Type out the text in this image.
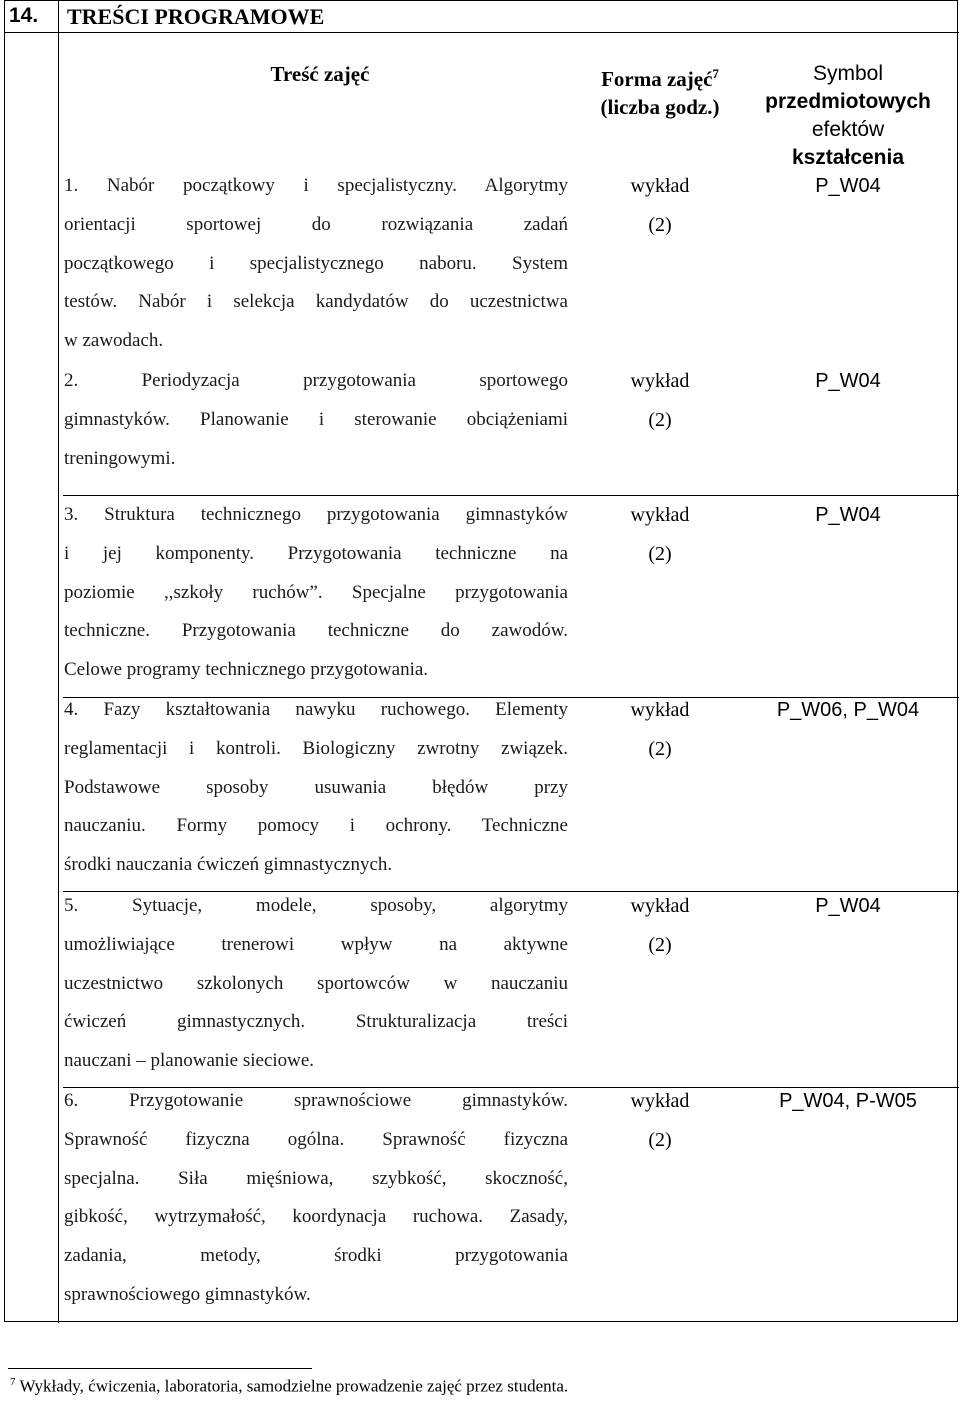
14. TREŚCI PROGRAMOWE
Treść zajęć	Forma zajęć$^7$
(liczba godz.)
Symbol
przedmiotowych
efektów
kształcenia
1. Nabór początkowy i specjalistyczny. Algorytmy
orientacji sportowej do rozwiązania zadań
początkowego i specjalistycznego naboru. System
testów. Nabór i selekcja kandydatów do uczestnictwa
w zawodach.
wykład
(2)
P_W04
2. Periodyzacja przygotowania sportowego
gimnastyków. Planowanie i sterowanie obciążeniami
treningowymi.
wykład
(2)
P_W04
3. Struktura technicznego przygotowania gimnastyków
i jej komponenty. Przygotowania techniczne na
poziomie ,,szkoły ruchów”. Specjalne przygotowania
techniczne. Przygotowania techniczne do zawodów.
Celowe programy technicznego przygotowania.
wykład
(2)
P_W04
4. Fazy kształtowania nawyku ruchowego. Elementy
reglamentacji i kontroli. Biologiczny zwrotny związek.
Podstawowe sposoby usuwania błędów przy
nauczaniu. Formy pomocy i ochrony. Techniczne
środki nauczania ćwiczeń gimnastycznych.
wykład
(2)
P_W06, P_W04
5. Sytuacje, modele, sposoby, algorytmy
umożliwiające trenerowi wpływ na aktywne
uczestnictwo szkolonych sportowców w nauczaniu
ćwiczeń gimnastycznych. Strukturalizacja treści
nauczani – planowanie sieciowe.
wykład
(2)
P_W04
6. Przygotowanie sprawnościowe gimnastyków.
Sprawność fizyczna ogólna. Sprawność fizyczna
specjalna. Siła mięśniowa, szybkość, skoczność,
gibkość, wytrzymałość, koordynacja ruchowa. Zasady,
zadania, metody, środki przygotowania
sprawnościowego gimnastyków.
wykład
(2)
P_W04, P-W05
$^7$ Wykłady, ćwiczenia, laboratoria, samodzielne prowadzenie zajęć przez studenta.
